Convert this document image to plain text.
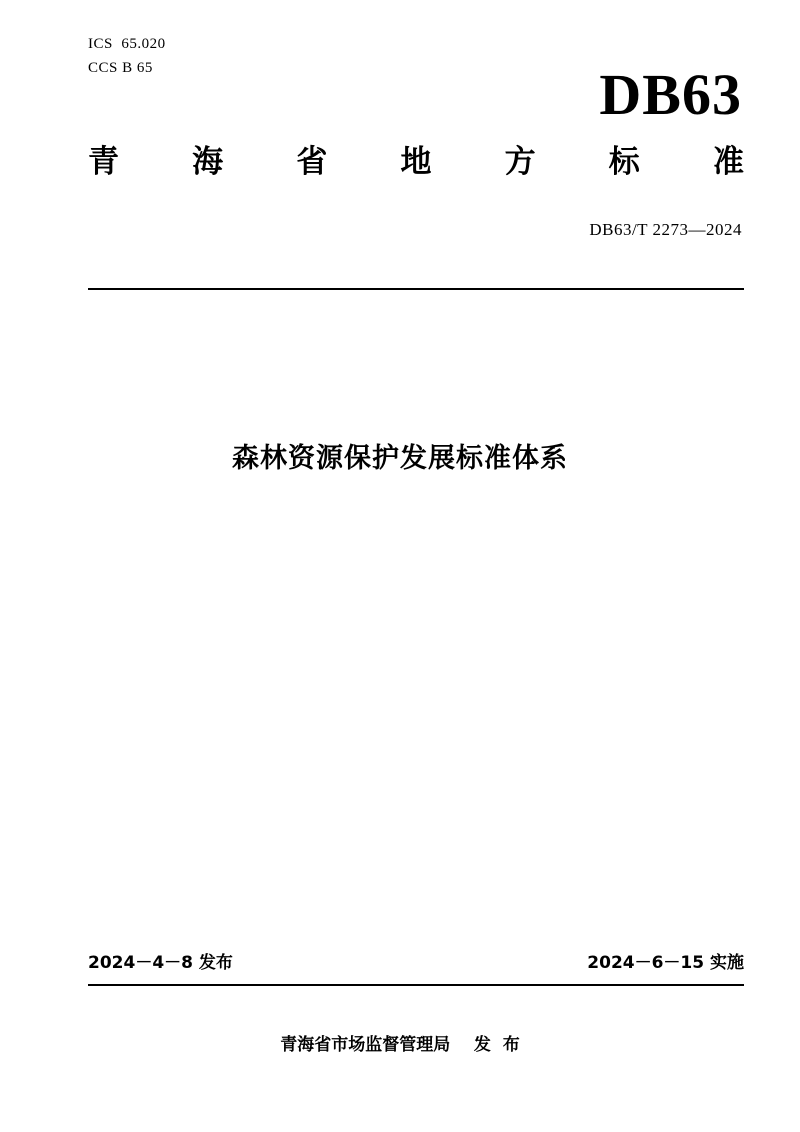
ICS  65.020
CCS B 65	DB63
青 海 省 地 方 标 准
DB63/T 2273—2024
森林资源保护发展标准体系
2024－4－8 发布	2024－6－15 实施
青海省市场监督管理局    发  布
